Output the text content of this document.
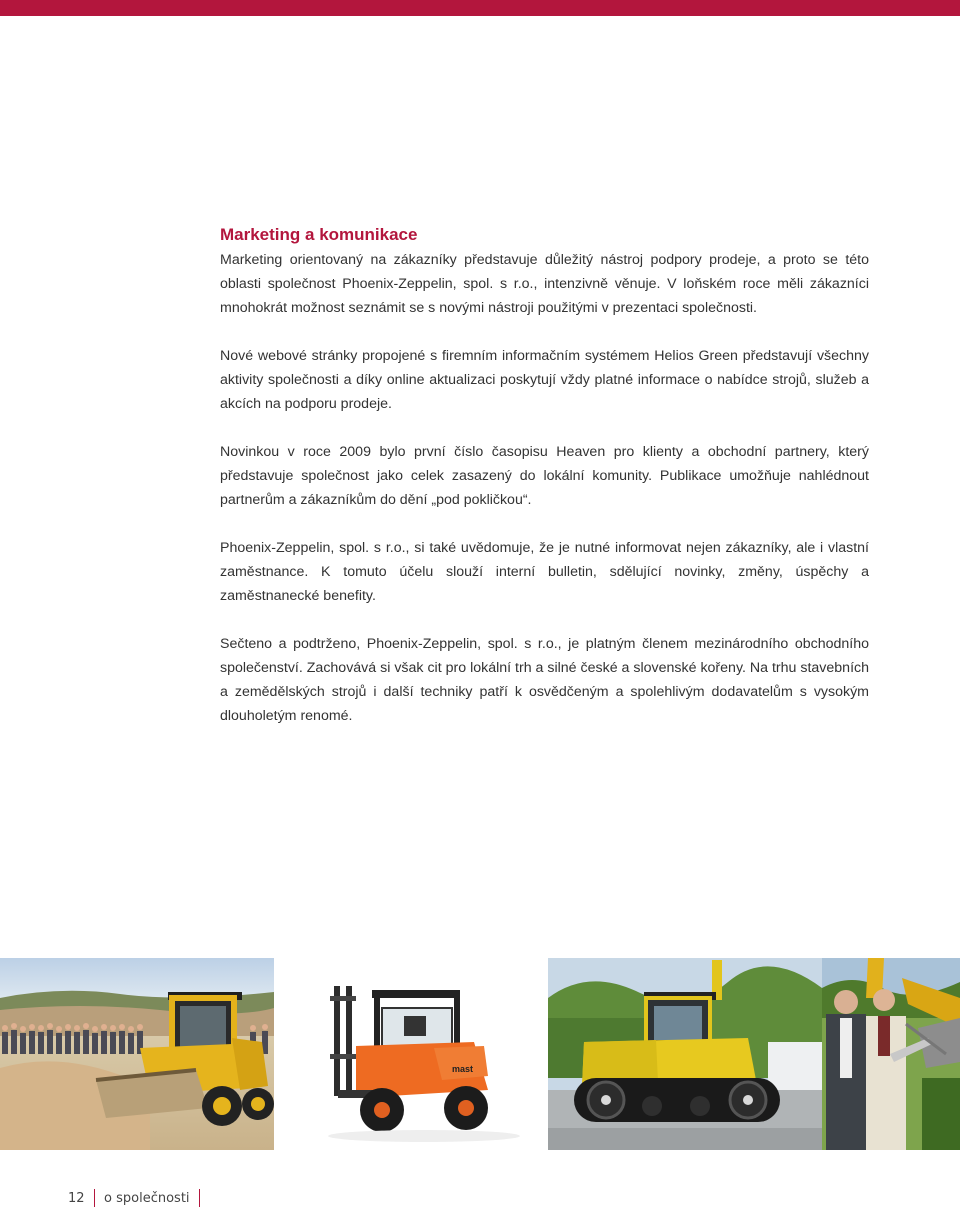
Marketing a komunikace

Marketing orientovaný na zákazníky představuje důležitý nástroj podpory prodeje, a proto se této oblasti společnost Phoenix-Zeppelin, spol. s r.o., intenzivně věnuje. V loňském roce měli zákazníci mnohokrát možnost seznámit se s novými nástroji použitými v prezentaci společnosti.

Nové webové stránky propojené s firemním informačním systémem Helios Green představují všechny aktivity společnosti a díky online aktualizaci poskytují vždy platné informace o nabídce strojů, služeb a akcích na podporu prodeje.

Novinkou v roce 2009 bylo první číslo časopisu Heaven pro klienty a obchodní partnery, který představuje společnost jako celek zasazený do lokální komunity. Publikace umožňuje nahlédnout partnerům a zákazníkům do dění „pod pokličkou“.

Phoenix-Zeppelin, spol. s r.o., si také uvědomuje, že je nutné informovat nejen zákazníky, ale i vlastní zaměstnance. K tomuto účelu slouží interní bulletin, sdělující novinky, změny, úspěchy a zaměstnanecké benefity.

Sečteno a podtrženo, Phoenix-Zeppelin, spol. s r.o., je platným členem mezinárodního obchodního společenství. Zachovává si však cit pro lokální trh a silné české a slovenské kořeny. Na trhu stavebních a zemědělských strojů i další techniky patří k osvědčeným a spolehlivým dodavatelům s vysokým dlouholetým renomé.

mast
12 o společnosti
